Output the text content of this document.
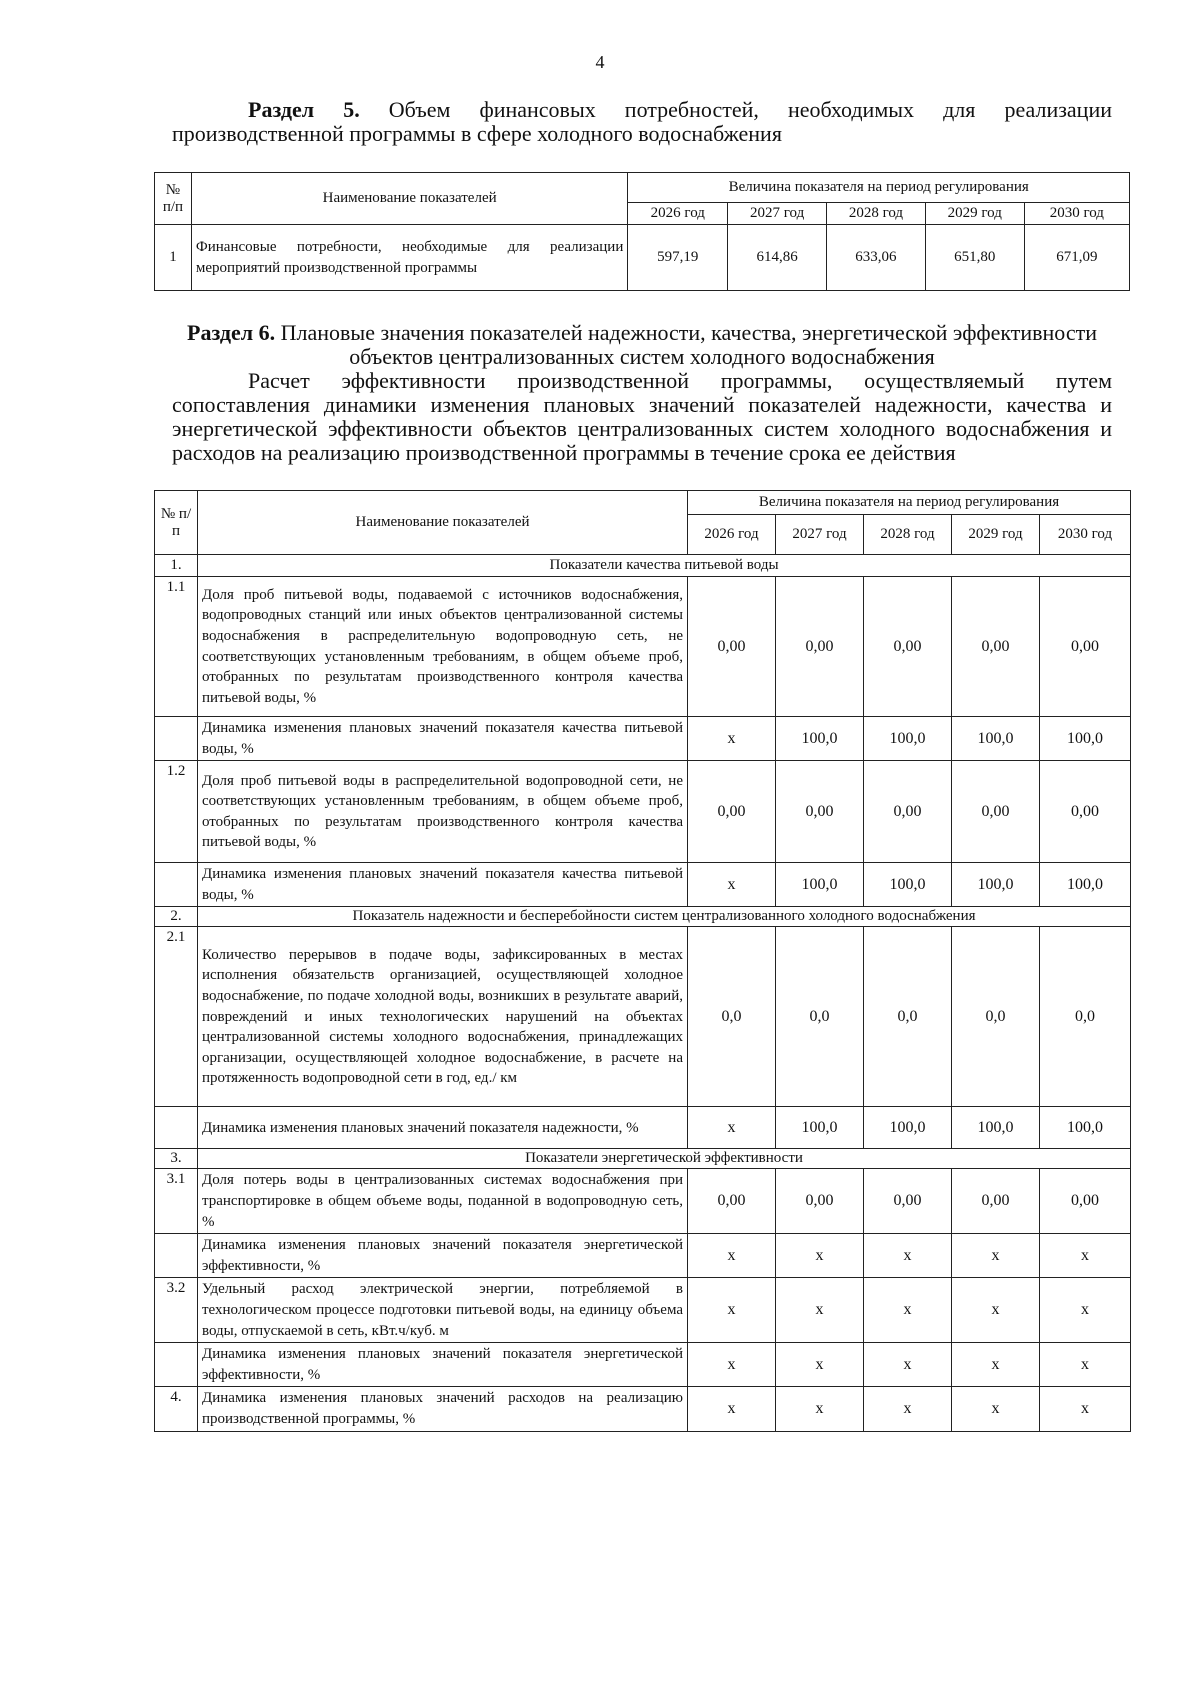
4
Раздел 5. Объем финансовых потребностей, необходимых для реализации производственной программы в сфере холодного водоснабжения
№ п/п	Наименование показателей	Величина показателя на период регулирования				
		2026 год	2027 год	2028 год	2029 год	2030 год
1	Финансовые потребности, необходимые для реализации мероприятий производственной программы	597,19	614,86	633,06	651,80	671,09
Раздел 6. Плановые значения показателей надежности, качества, энергетической эффективности объектов централизованных систем холодного водоснабжения
Расчет эффективности производственной программы, осуществляемый путем сопоставления динамики изменения плановых значений показателей надежности, качества и энергетической эффективности объектов централизованных систем холодного водоснабжения и расходов на реализацию производственной программы в течение срока ее действия
№ п/п	Наименование показателей	Величина показателя на период регулирования				
		2026 год	2027 год	2028 год	2029 год	2030 год
1.	Показатели качества питьевой воды					
1.1	Доля проб питьевой воды, подаваемой с источников водоснабжения, водопроводных станций или иных объектов централизованной системы водоснабжения в распределительную водопроводную сеть, не соответствующих установленным требованиям, в общем объеме проб, отобранных по результатам производственного контроля качества питьевой воды, %	0,00	0,00	0,00	0,00	0,00
	Динамика изменения плановых значений показателя качества питьевой воды, %	х	100,0	100,0	100,0	100,0
1.2	Доля проб питьевой воды в распределительной водопроводной сети, не соответствующих установленным требованиям, в общем объеме проб, отобранных по результатам производственного контроля качества питьевой воды, %	0,00	0,00	0,00	0,00	0,00
	Динамика изменения плановых значений показателя качества питьевой воды, %	х	100,0	100,0	100,0	100,0
2.	Показатель надежности и бесперебойности систем централизованного холодного водоснабжения					
2.1	Количество перерывов в подаче воды, зафиксированных в местах исполнения обязательств организацией, осуществляющей холодное водоснабжение, по подаче холодной воды, возникших в результате аварий, повреждений и иных технологических нарушений на объектах централизованной системы холодного водоснабжения, принадлежащих организации, осуществляющей холодное водоснабжение, в расчете на протяженность водопроводной сети в год, ед./ км	0,0	0,0	0,0	0,0	0,0
	Динамика изменения плановых значений показателя надежности, %	х	100,0	100,0	100,0	100,0
3.	Показатели энергетической эффективности					
3.1	Доля потерь воды в централизованных системах водоснабжения при транспортировке в общем объеме воды, поданной в водопроводную сеть, %	0,00	0,00	0,00	0,00	0,00
	Динамика изменения плановых значений показателя энергетической эффективности, %	х	х	х	х	х
3.2	Удельный расход электрической энергии, потребляемой в технологическом процессе подготовки питьевой воды, на единицу объема воды, отпускаемой в сеть, кВт.ч/куб. м	х	х	х	х	х
	Динамика изменения плановых значений показателя энергетической эффективности, %	х	х	х	х	х
4.	Динамика изменения плановых значений расходов на реализацию производственной программы, %	х	х	х	х	х
